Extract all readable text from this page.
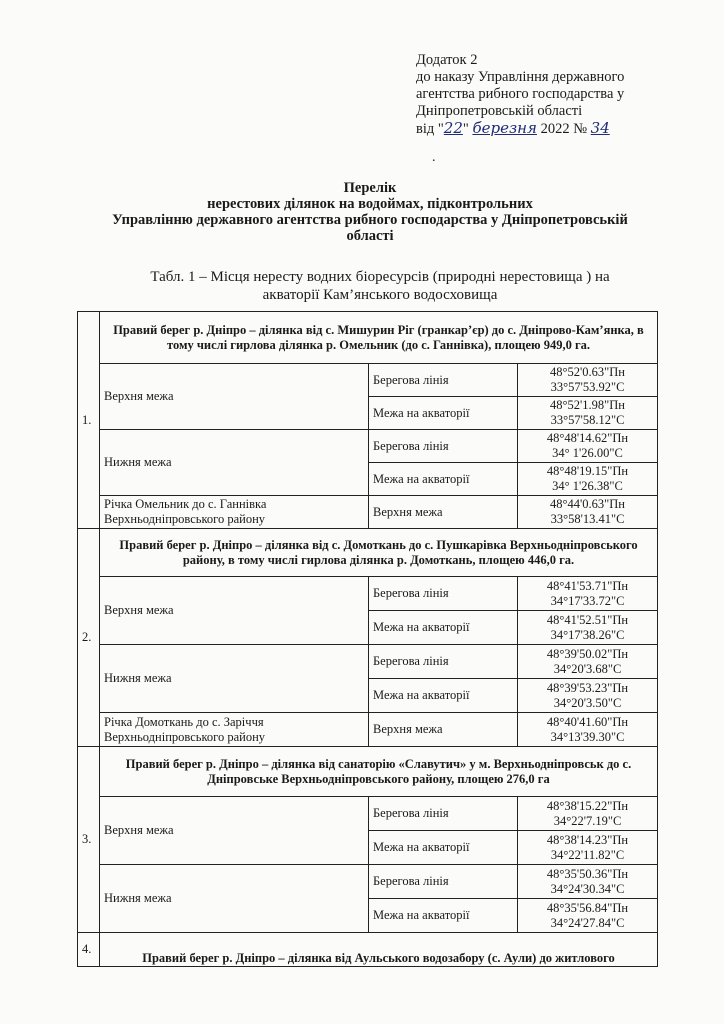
Додаток 2
до наказу Управління державного
агентства рибного господарства у
Дніпропетровській області
від "22" березня 2022 № 34
.
Перелік
нерестових ділянок на водоймах, підконтрольних
Управлінню державного агентства рибного господарства у Дніпропетровській
області
Табл. 1 – Місця нересту водних біоресурсів (природні нерестовища ) на
акваторії Кам’янського водосховища
1.	Правий берег р. Дніпро – ділянка від с. Мишурин Ріг (гранкар’єр) до с. Дніпрово-Кам’янка, в тому числі гирлова ділянка р. Омельник (до с. Ганнівка), площею 949,0 га.		
	Верхня межа	Берегова лінія	48°52'0.63"Пн
33°57'53.92"С

		Межа на акваторії	48°52'1.98"Пн
33°57'58.12"С

	Нижня межа	Берегова лінія	48°48'14.62"Пн
34° 1'26.00"С

		Межа на акваторії	48°48'19.15"Пн
34° 1'26.38"С

	Річка Омельник до с. Ганнівка Верхньодніпровського району	Верхня межа	48°44'0.63"Пн
33°58'13.41"С

2.	Правий берег р. Дніпро – ділянка від с. Домоткань до с. Пушкарівка Верхньодніпровського району, в тому числі гирлова ділянка р. Домоткань, площею 446,0 га.		
	Верхня межа	Берегова лінія	48°41'53.71"Пн
34°17'33.72"С

		Межа на акваторії	48°41'52.51"Пн
34°17'38.26"С

	Нижня межа	Берегова лінія	48°39'50.02"Пн
34°20'3.68"С

		Межа на акваторії	48°39'53.23"Пн
34°20'3.50"С

	Річка Домоткань до с. Заріччя Верхньодніпровського району	Верхня межа	48°40'41.60"Пн
34°13'39.30"С

3.	Правий берег р. Дніпро – ділянка від санаторію «Славутич» у м. Верхньодніпровськ до с. Дніпровське Верхньодніпровського району, площею 276,0 га		
	Верхня межа	Берегова лінія	48°38'15.22"Пн
34°22'7.19"С

		Межа на акваторії	48°38'14.23"Пн
34°22'11.82"С

	Нижня межа	Берегова лінія	48°35'50.36"Пн
34°24'30.34"С

		Межа на акваторії	48°35'56.84"Пн
34°24'27.84"С

4.	Правий берег р. Дніпро – ділянка від Аульського водозабору (с. Аули) до житлового		
